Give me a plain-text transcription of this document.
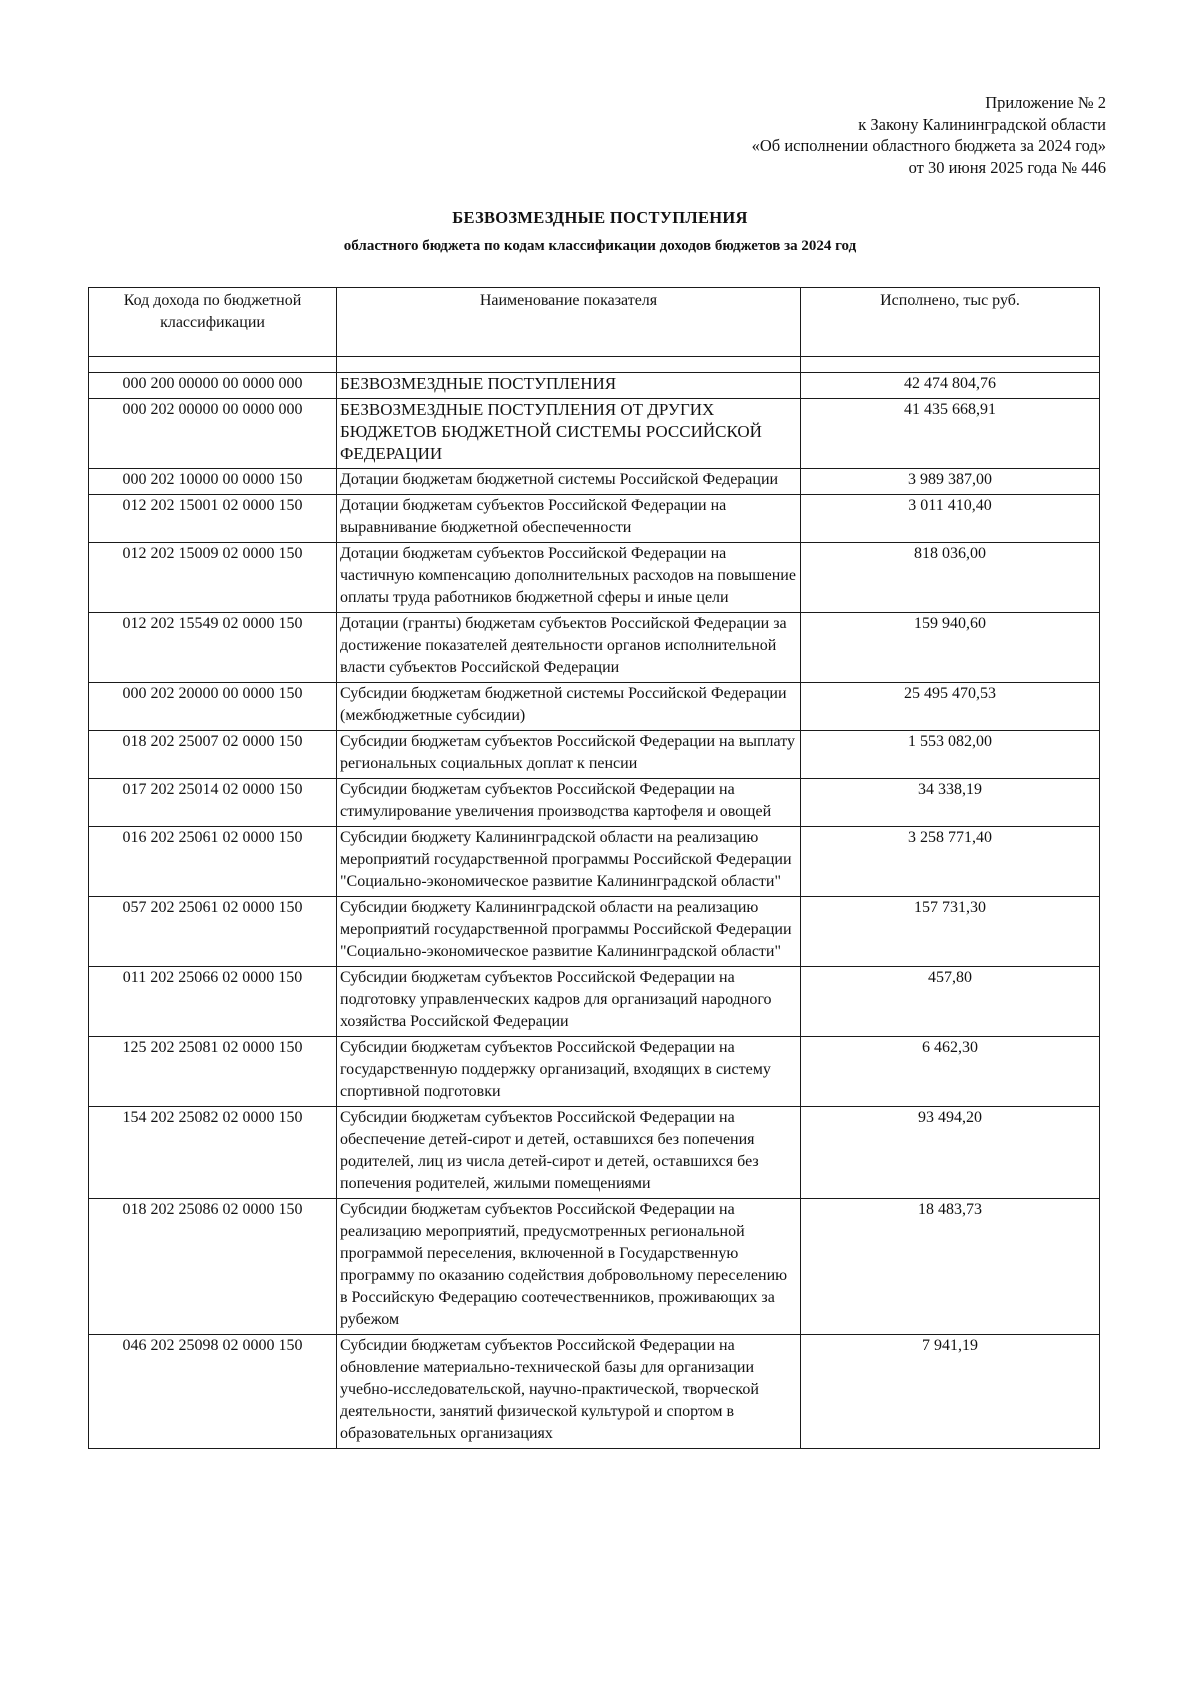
Приложение № 2
к Закону Калининградской области
«Об исполнении областного бюджета за 2024 год»
от 30 июня 2025 года № 446
БЕЗВОЗМЕЗДНЫЕ ПОСТУПЛЕНИЯ
областного бюджета по кодам классификации доходов бюджетов за 2024 год
Код дохода по бюджетной классификации	Наименование показателя	Исполнено, тыс руб.

000 200 00000 00 0000 000	БЕЗВОЗМЕЗДНЫЕ ПОСТУПЛЕНИЯ	42 474 804,76
000 202 00000 00 0000 000	БЕЗВОЗМЕЗДНЫЕ ПОСТУПЛЕНИЯ ОТ ДРУГИХ БЮДЖЕТОВ БЮДЖЕТНОЙ СИСТЕМЫ РОССИЙСКОЙ ФЕДЕРАЦИИ	41 435 668,91
000 202 10000 00 0000 150	Дотации бюджетам бюджетной системы Российской Федерации	3 989 387,00
012 202 15001 02 0000 150	Дотации бюджетам субъектов Российской Федерации на выравнивание бюджетной обеспеченности	3 011 410,40
012 202 15009 02 0000 150	Дотации бюджетам субъектов Российской Федерации на частичную компенсацию дополнительных расходов на повышение оплаты труда работников бюджетной сферы и иные цели	818 036,00
012 202 15549 02 0000 150	Дотации (гранты) бюджетам субъектов Российской Федерации за достижение показателей деятельности органов исполнительной власти субъектов Российской Федерации	159 940,60
000 202 20000 00 0000 150	Субсидии бюджетам бюджетной системы Российской Федерации (межбюджетные субсидии)	25 495 470,53
018 202 25007 02 0000 150	Субсидии бюджетам субъектов Российской Федерации на выплату региональных социальных доплат к пенсии	1 553 082,00
017 202 25014 02 0000 150	Субсидии бюджетам субъектов Российской Федерации на стимулирование увеличения производства картофеля и овощей	34 338,19
016 202 25061 02 0000 150	Субсидии бюджету Калининградской области на реализацию мероприятий государственной программы Российской Федерации "Социально-экономическое развитие Калининградской области"	3 258 771,40
057 202 25061 02 0000 150	Субсидии бюджету Калининградской области на реализацию мероприятий государственной программы Российской Федерации "Социально-экономическое развитие Калининградской области"	157 731,30
011 202 25066 02 0000 150	Субсидии бюджетам субъектов Российской Федерации на подготовку управленческих кадров для организаций народного хозяйства Российской Федерации	457,80
125 202 25081 02 0000 150	Субсидии бюджетам субъектов Российской Федерации на государственную поддержку организаций, входящих в систему спортивной подготовки	6 462,30
154 202 25082 02 0000 150	Субсидии бюджетам субъектов Российской Федерации на обеспечение детей-сирот и детей, оставшихся без попечения родителей, лиц из числа детей-сирот и детей, оставшихся без попечения родителей, жилыми помещениями	93 494,20
018 202 25086 02 0000 150	Субсидии бюджетам субъектов Российской Федерации на реализацию мероприятий, предусмотренных региональной программой переселения, включенной в Государственную программу по оказанию содействия добровольному переселению в Российскую Федерацию соотечественников, проживающих за рубежом	18 483,73
046 202 25098 02 0000 150	Субсидии бюджетам субъектов Российской Федерации на обновление материально-технической базы для организации учебно-исследовательской, научно-практической, творческой деятельности, занятий физической культурой и спортом в образовательных организациях	7 941,19
